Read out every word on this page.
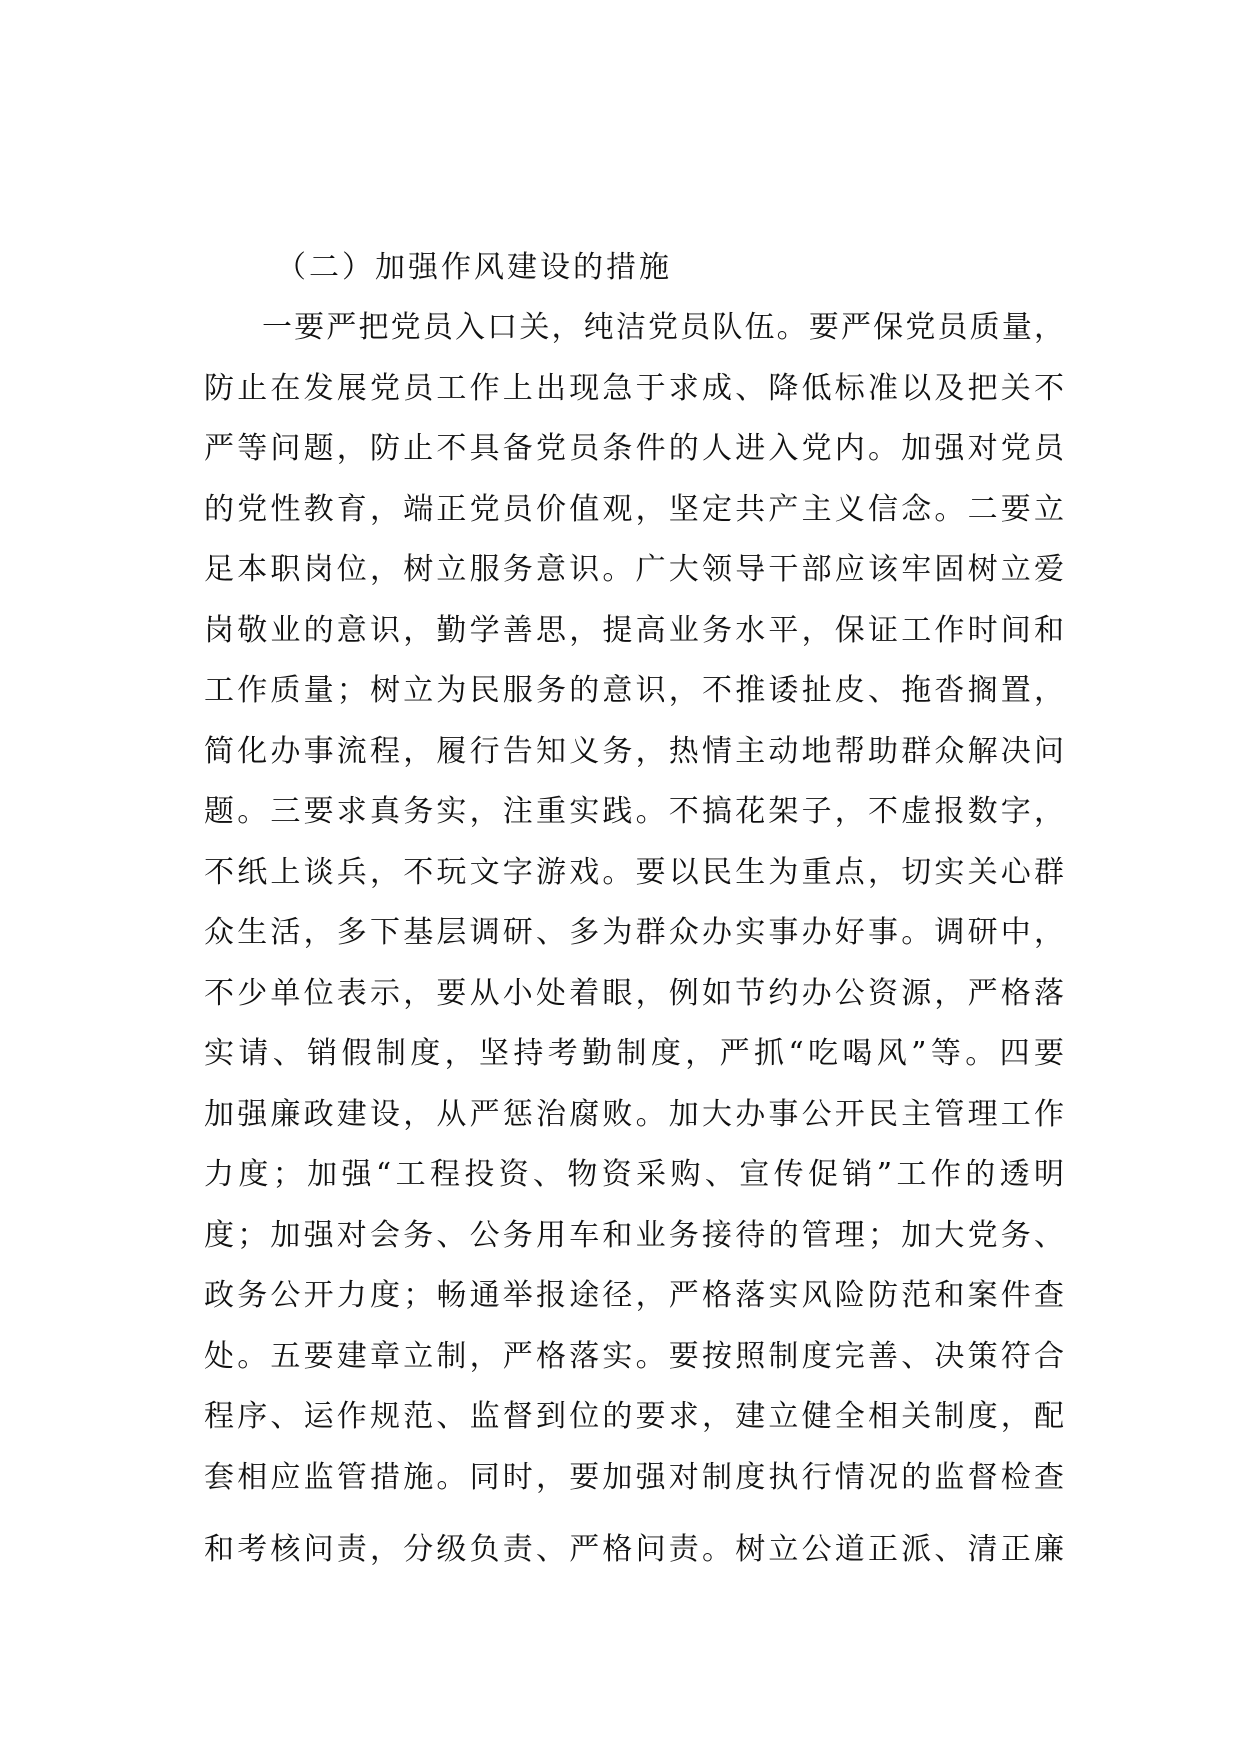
（二）加强作风建设的措施

一要严把党员入口关，纯洁党员队伍。要严保党员质量，

防止在发展党员工作上出现急于求成、降低标准以及把关不

严等问题，防止不具备党员条件的人进入党内。加强对党员

的党性教育，端正党员价值观，坚定共产主义信念。二要立

足本职岗位，树立服务意识。广大领导干部应该牢固树立爱

岗敬业的意识，勤学善思，提高业务水平，保证工作时间和

工作质量；树立为民服务的意识，不推诿扯皮、拖沓搁置，

简化办事流程，履行告知义务，热情主动地帮助群众解决问

题。三要求真务实，注重实践。不搞花架子，不虚报数字，

不纸上谈兵，不玩文字游戏。要以民生为重点，切实关心群

众生活，多下基层调研、多为群众办实事办好事。调研中，

不少单位表示，要从小处着眼，例如节约办公资源，严格落

实请、销假制度，坚持考勤制度，严抓“吃喝风”等。四要

加强廉政建设，从严惩治腐败。加大办事公开民主管理工作

力度；加强“工程投资、物资采购、宣传促销”工作的透明

度；加强对会务、公务用车和业务接待的管理；加大党务、

政务公开力度；畅通举报途径，严格落实风险防范和案件查

处。五要建章立制，严格落实。要按照制度完善、决策符合

程序、运作规范、监督到位的要求，建立健全相关制度，配

套相应监管措施。同时，要加强对制度执行情况的监督检查

和考核问责，分级负责、严格问责。树立公道正派、清正廉
